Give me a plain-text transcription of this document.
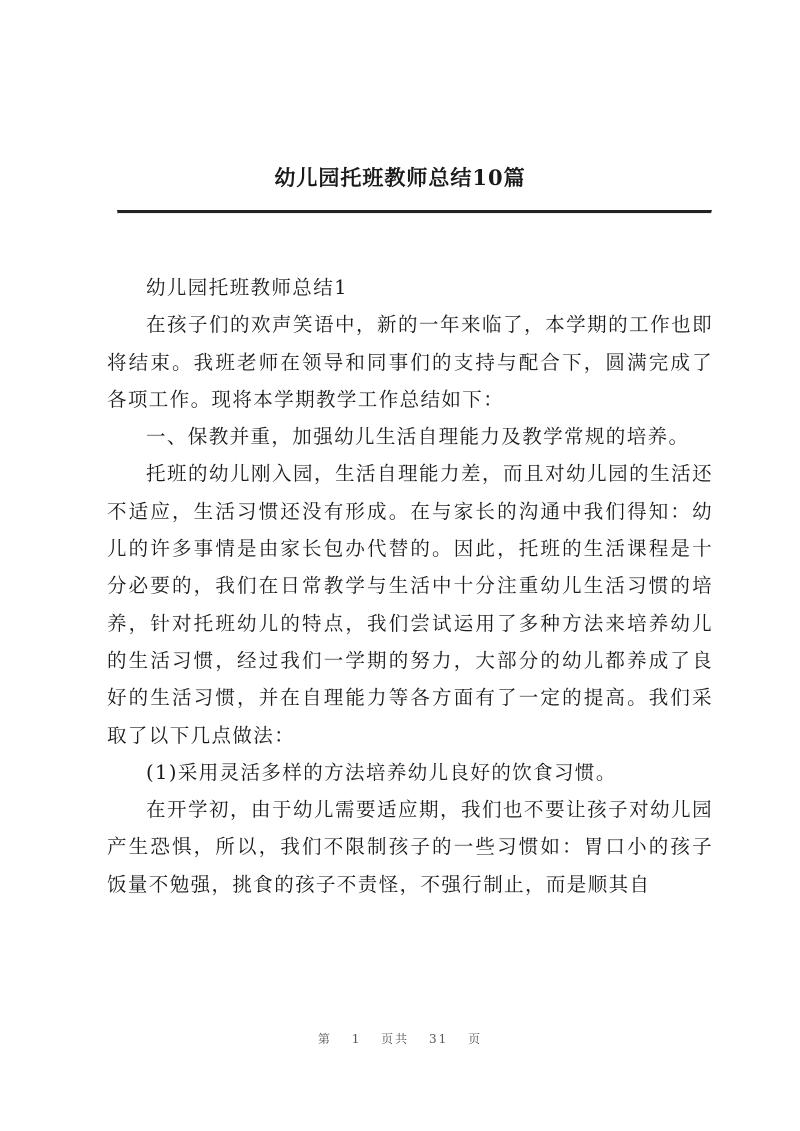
幼儿园托班教师总结10篇

幼儿园托班教师总结1

在孩子们的欢声笑语中，新的一年来临了，本学期的工作也即将结束。我班老师在领导和同事们的支持与配合下，圆满完成了各项工作。现将本学期教学工作总结如下：

一、保教并重，加强幼儿生活自理能力及教学常规的培养。

托班的幼儿刚入园，生活自理能力差，而且对幼儿园的生活还不适应，生活习惯还没有形成。在与家长的沟通中我们得知：幼儿的许多事情是由家长包办代替的。因此，托班的生活课程是十分必要的，我们在日常教学与生活中十分注重幼儿生活习惯的培养，针对托班幼儿的特点，我们尝试运用了多种方法来培养幼儿的生活习惯，经过我们一学期的努力，大部分的幼儿都养成了良好的生活习惯，并在自理能力等各方面有了一定的提高。我们采取了以下几点做法：

(1)采用灵活多样的方法培养幼儿良好的饮食习惯。

在开学初，由于幼儿需要适应期，我们也不要让孩子对幼儿园产生恐惧，所以，我们不限制孩子的一些习惯如：胃口小的孩子饭量不勉强，挑食的孩子不责怪，不强行制止，而是顺其自

第 1 页共 31 页
